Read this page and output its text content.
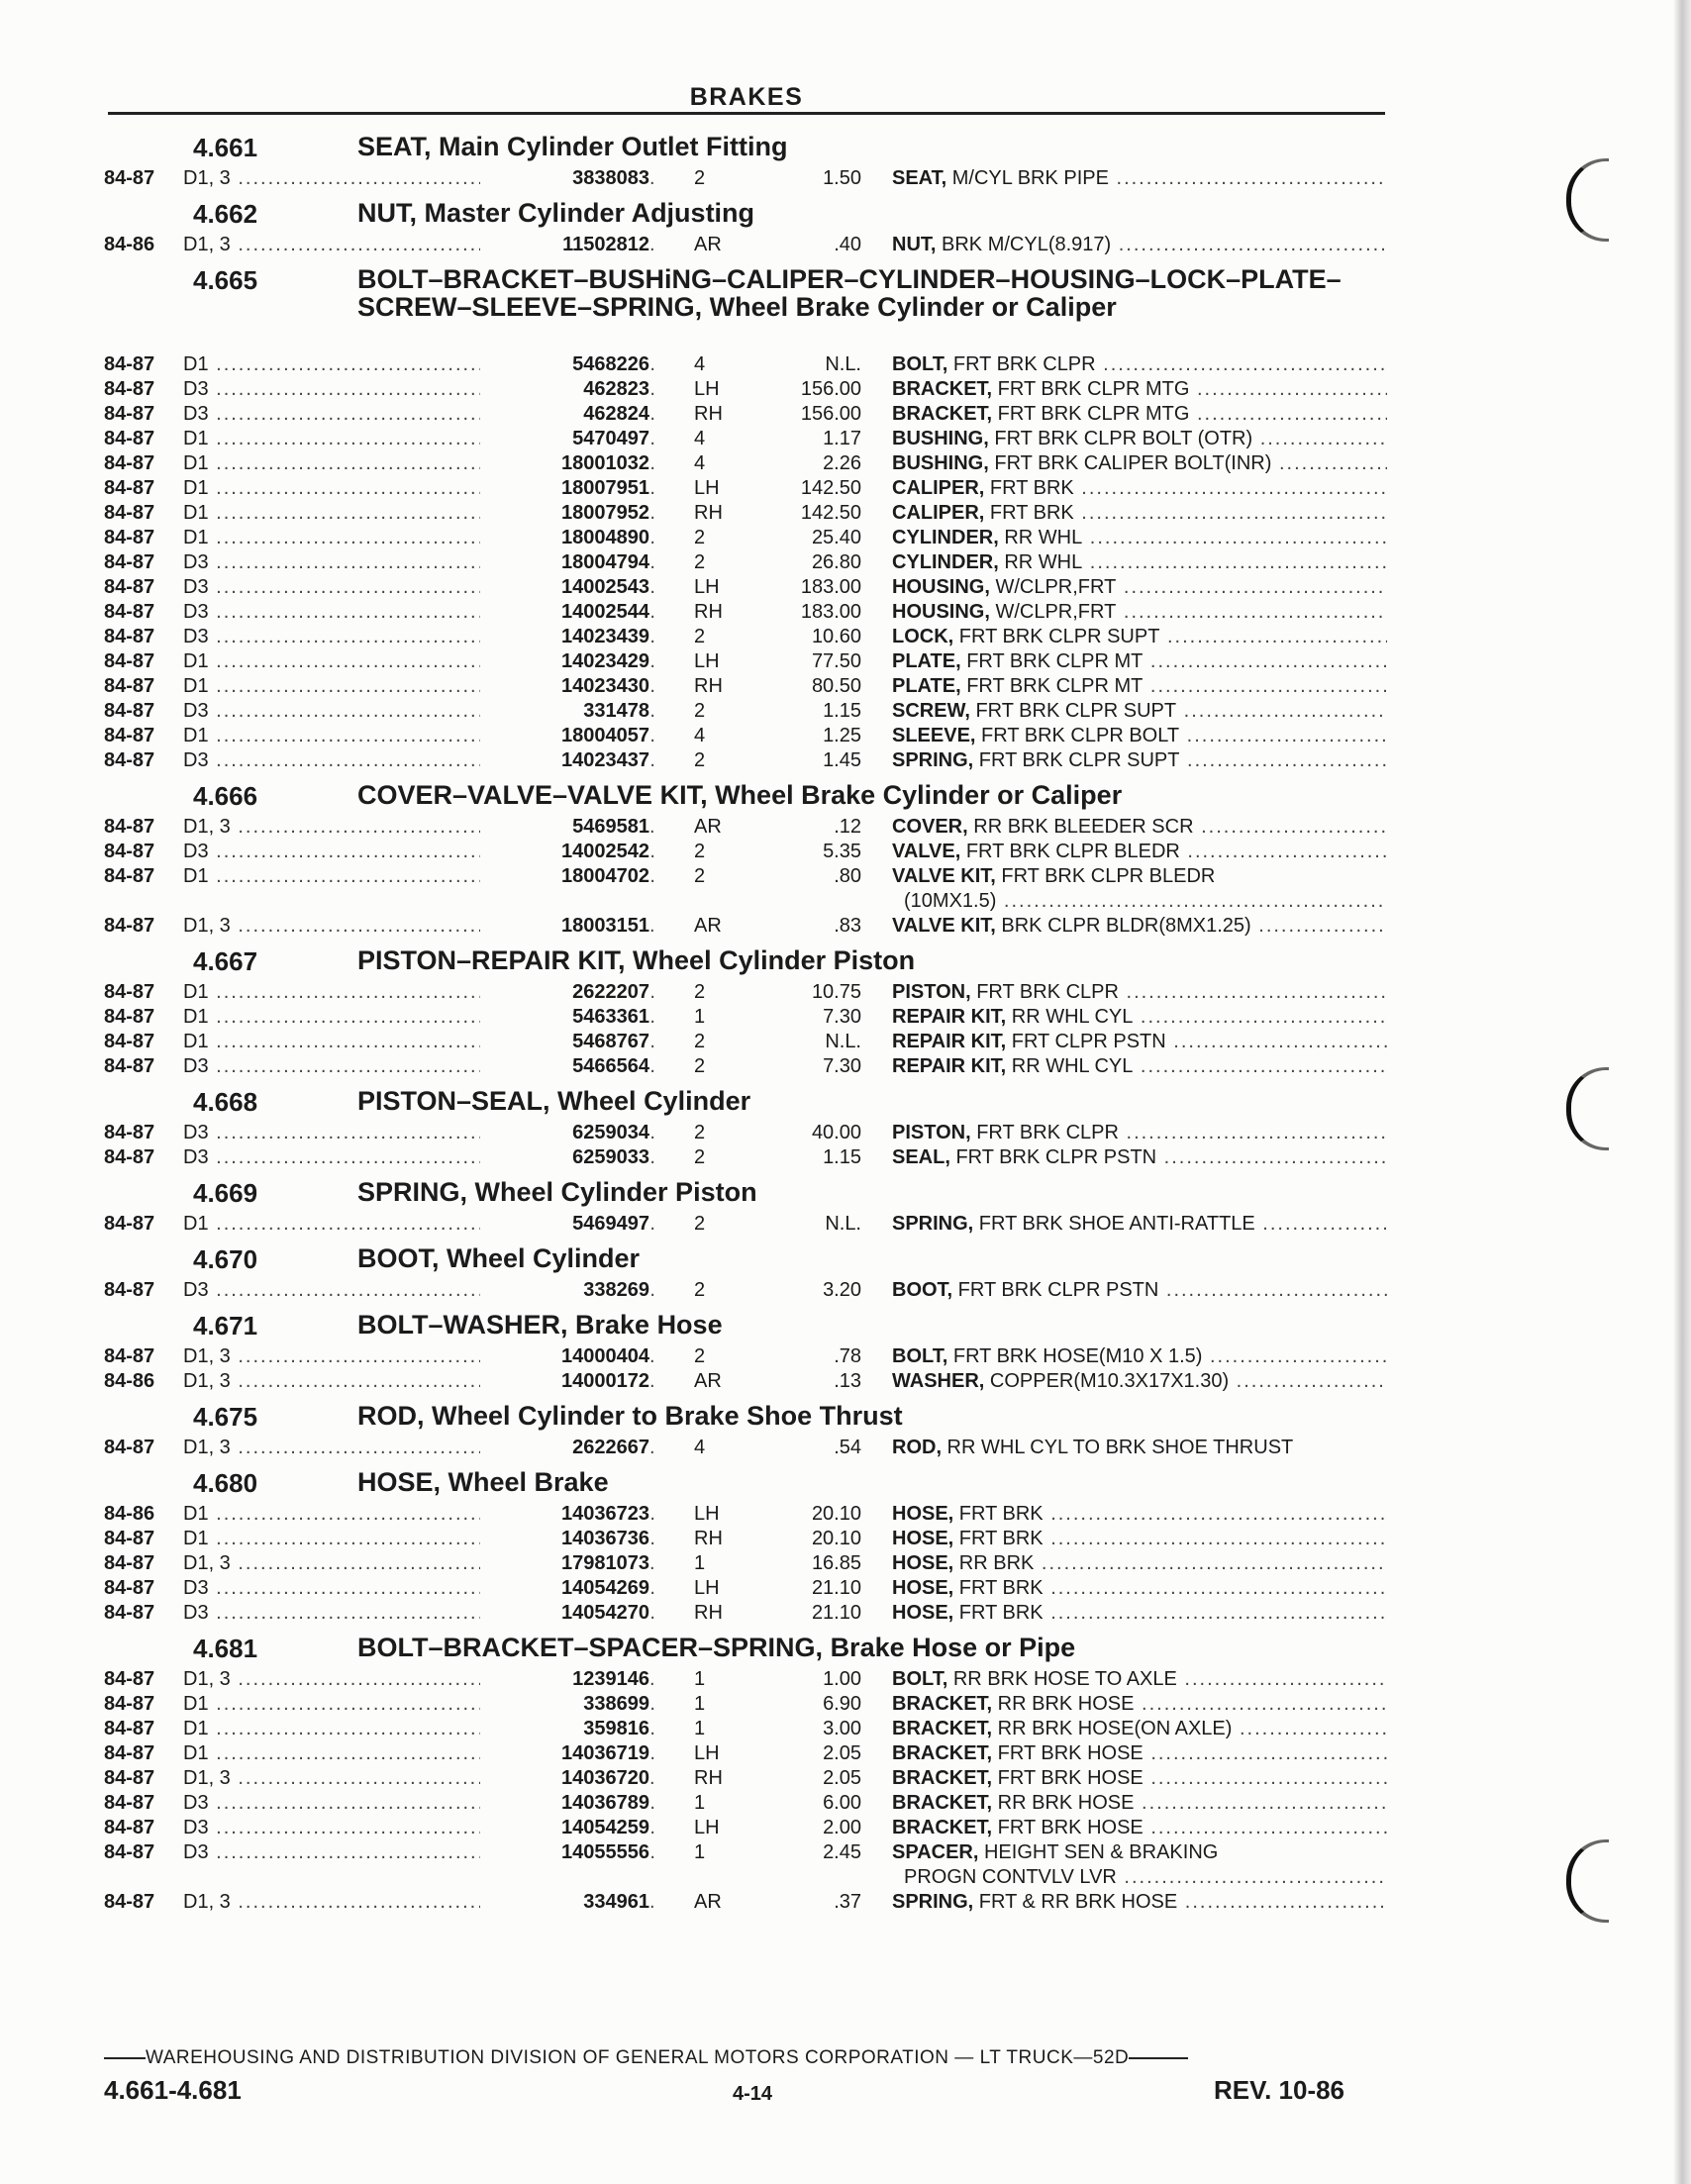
BRAKES
4.661	SEAT, Main Cylinder Outlet Fitting
84-87	D1, 3 .....	3838083 2	1.50 SEAT, M/CYL BRK PIPE .....
4.662	NUT, Master Cylinder Adjusting
84-86	D1, 3 .....	11502812 AR	.40 NUT, BRK M/CYL(8.917) .....
4.665	BOLT–BRACKET–BUSHiNG–CALIPER–CYLINDER–HOUSING–LOCK–PLATE–SCREW–SLEEVE–SPRING, Wheel Brake Cylinder or Caliper
84-87	D1 .....	5468226 4	N.L. BOLT, FRT BRK CLPR .....
84-87	D3 .....	462823 LH	156.00 BRACKET, FRT BRK CLPR MTG .....
84-87	D3 .....	462824 RH	156.00 BRACKET, FRT BRK CLPR MTG .....
84-87	D1 .....	5470497 4	1.17 BUSHING, FRT BRK CLPR BOLT (OTR) .....
84-87	D1 .....	18001032 4	2.26 BUSHING, FRT BRK CALIPER BOLT(INR) .....
84-87	D1 .....	18007951 LH	142.50 CALIPER, FRT BRK .....
84-87	D1 .....	18007952 RH	142.50 CALIPER, FRT BRK .....
84-87	D1 .....	18004890 2	25.40 CYLINDER, RR WHL .....
84-87	D3 .....	18004794 2	26.80 CYLINDER, RR WHL .....
84-87	D3 .....	14002543 LH	183.00 HOUSING, W/CLPR,FRT .....
84-87	D3 .....	14002544 RH	183.00 HOUSING, W/CLPR,FRT .....
84-87	D3 .....	14023439 2	10.60 LOCK, FRT BRK CLPR SUPT .....
84-87	D1 .....	14023429 LH	77.50 PLATE, FRT BRK CLPR MT .....
84-87	D1 .....	14023430 RH	80.50 PLATE, FRT BRK CLPR MT .....
84-87	D3 .....	331478 2	1.15 SCREW, FRT BRK CLPR SUPT .....
84-87	D1 .....	18004057 4	1.25 SLEEVE, FRT BRK CLPR BOLT .....
84-87	D3 .....	14023437 2	1.45 SPRING, FRT BRK CLPR SUPT .....
4.666	COVER–VALVE–VALVE KIT, Wheel Brake Cylinder or Caliper
84-87	D1, 3 .....	5469581 AR	.12 COVER, RR BRK BLEEDER SCR .....
84-87	D3 .....	14002542 2	5.35 VALVE, FRT BRK CLPR BLEDR .....
84-87	D1 .....	18004702 2	.80 VALVE KIT, FRT BRK CLPR BLEDR
(10MX1.5) .....
84-87	D1, 3 .....	18003151 AR	.83 VALVE KIT, BRK CLPR BLDR(8MX1.25) .....
4.667	PISTON–REPAIR KIT, Wheel Cylinder Piston
84-87	D1 .....	2622207 2	10.75 PISTON, FRT BRK CLPR .....
84-87	D1 .....	5463361 1	7.30 REPAIR KIT, RR WHL CYL .....
84-87	D1 .....	5468767 2	N.L. REPAIR KIT, FRT CLPR PSTN .....
84-87	D3 .....	5466564 2	7.30 REPAIR KIT, RR WHL CYL .....
4.668	PISTON–SEAL, Wheel Cylinder
84-87	D3 .....	6259034 2	40.00 PISTON, FRT BRK CLPR .....
84-87	D3 .....	6259033 2	1.15 SEAL, FRT BRK CLPR PSTN .....
4.669	SPRING, Wheel Cylinder Piston
84-87	D1 .....	5469497 2	N.L. SPRING, FRT BRK SHOE ANTI-RATTLE .....
4.670	BOOT, Wheel Cylinder
84-87	D3 .....	338269 2	3.20 BOOT, FRT BRK CLPR PSTN .....
4.671	BOLT–WASHER, Brake Hose
84-87	D1, 3 .....	14000404 2	.78 BOLT, FRT BRK HOSE(M10 X 1.5) .....
84-86	D1, 3 .....	14000172 AR	.13 WASHER, COPPER(M10.3X17X1.30) .....
4.675	ROD, Wheel Cylinder to Brake Shoe Thrust
84-87	D1, 3 .....	2622667 4	.54 ROD, RR WHL CYL TO BRK SHOE THRUST
4.680	HOSE, Wheel Brake
84-86	D1 .....	14036723 LH	20.10 HOSE, FRT BRK .....
84-87	D1 .....	14036736 RH	20.10 HOSE, FRT BRK .....
84-87	D1, 3 .....	17981073 1	16.85 HOSE, RR BRK .....
84-87	D3 .....	14054269 LH	21.10 HOSE, FRT BRK .....
84-87	D3 .....	14054270 RH	21.10 HOSE, FRT BRK .....
4.681	BOLT–BRACKET–SPACER–SPRING, Brake Hose or Pipe
84-87	D1, 3 .....	1239146 1	1.00 BOLT, RR BRK HOSE TO AXLE .....
84-87	D1 .....	338699 1	6.90 BRACKET, RR BRK HOSE .....
84-87	D1 .....	359816 1	3.00 BRACKET, RR BRK HOSE(ON AXLE) .....
84-87	D1 .....	14036719 LH	2.05 BRACKET, FRT BRK HOSE .....
84-87	D1, 3 .....	14036720 RH	2.05 BRACKET, FRT BRK HOSE .....
84-87	D3 .....	14036789 1	6.00 BRACKET, RR BRK HOSE .....
84-87	D3 .....	14054259 LH	2.00 BRACKET, FRT BRK HOSE .....
84-87	D3 .....	14055556 1	2.45 SPACER, HEIGHT SEN & BRAKING
PROGN CONTVLV LVR .....
84-87	D1, 3 .....	334961 AR	.37 SPRING, FRT & RR BRK HOSE .....
WAREHOUSING AND DISTRIBUTION DIVISION OF GENERAL MOTORS CORPORATION — LT TRUCK—52D
4.661-4.681	4-14	REV. 10-86
